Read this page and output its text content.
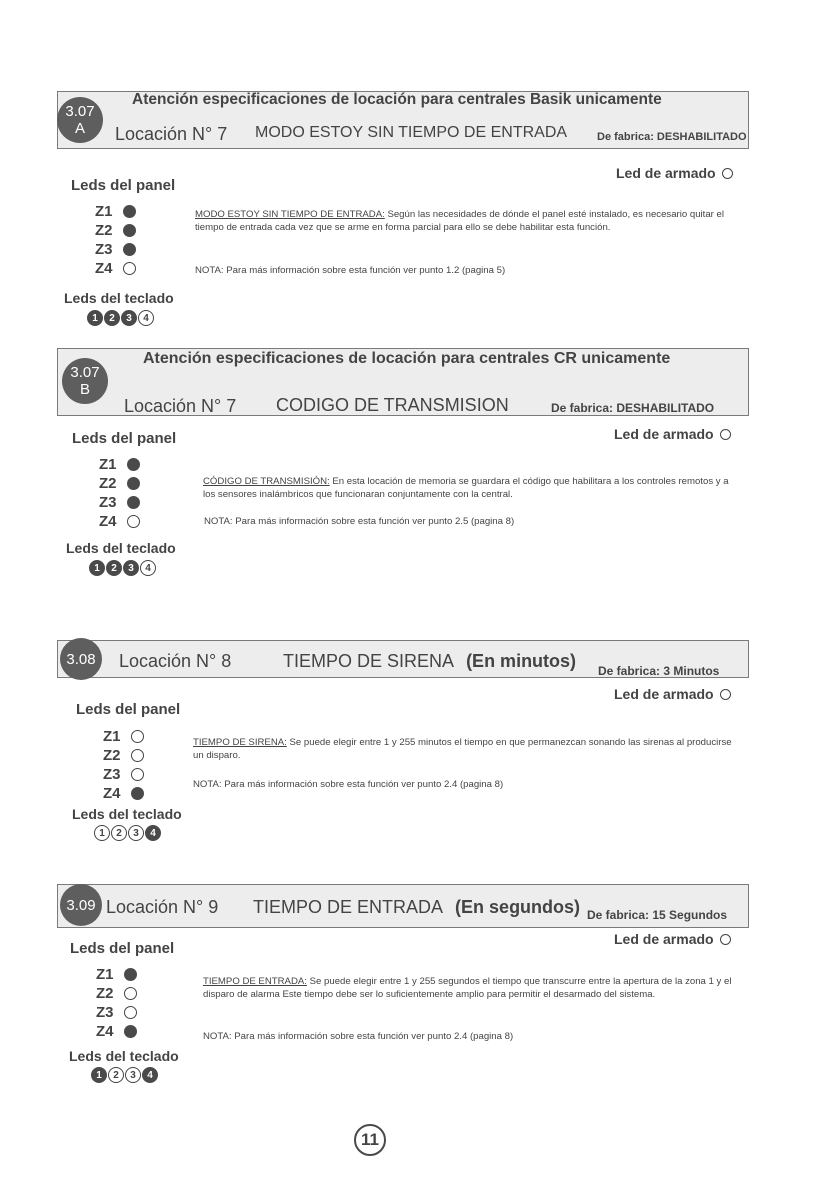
3.07
A
Atención especificaciones de locación para centrales Basik unicamente
Locación N° 7 MODO ESTOY SIN TIEMPO DE ENTRADA	De fabrica: DESHABILITADO
Led de armado
Leds del panel
Z1
Z2
Z3
Z4
MODO ESTOY SIN TIEMPO DE ENTRADA: Según las necesidades de dónde el panel esté instalado, es necesario quitar el tiempo de entrada cada vez que se arme en forma parcial para ello se debe habilitar esta función.
NOTA: Para más información sobre esta función ver punto 1.2 (pagina 5)
Leds del teclado
1	2	3	4
3.07
B
Atención especificaciones de locación para centrales CR unicamente
Locación N° 7 CODIGO DE TRANSMISION	De fabrica: DESHABILITADO
Led de armado
Leds del panel
Z1
Z2
Z3
Z4
CÓDIGO DE TRANSMISIÓN: En esta locación de memoria se guardara el código que habilitara a los controles remotos y a los sensores inalámbricos que funcionaran conjuntamente con la central.
NOTA: Para más información sobre esta función ver punto 2.5 (pagina 8)
Leds del teclado
1	2	3	4
3.08 Locación N° 8	TIEMPO DE SIRENA (En minutos) De fabrica: 3 Minutos
Led de armado
Leds del panel
Z1
Z2
Z3
Z4
TIEMPO DE SIRENA: Se puede elegir entre 1 y 255 minutos el tiempo en que permanezcan sonando las sirenas al producirse un disparo.
NOTA: Para más información sobre esta función ver punto 2.4 (pagina 8)
Leds del teclado
1	2	3	4
3.09 Locación N° 9 TIEMPO DE ENTRADA (En segundos) De fabrica: 15 Segundos
Led de armado
Leds del panel
Z1
Z2
Z3
Z4
TIEMPO DE ENTRADA: Se puede elegir entre 1 y 255 segundos el tiempo que transcurre entre la apertura de la zona 1 y el disparo de alarma Este tiempo debe ser lo suficientemente amplio para permitir el desarmado del sistema.
NOTA: Para más información sobre esta función ver punto 2.4 (pagina 8)
Leds del teclado
1	2	3	4
11
